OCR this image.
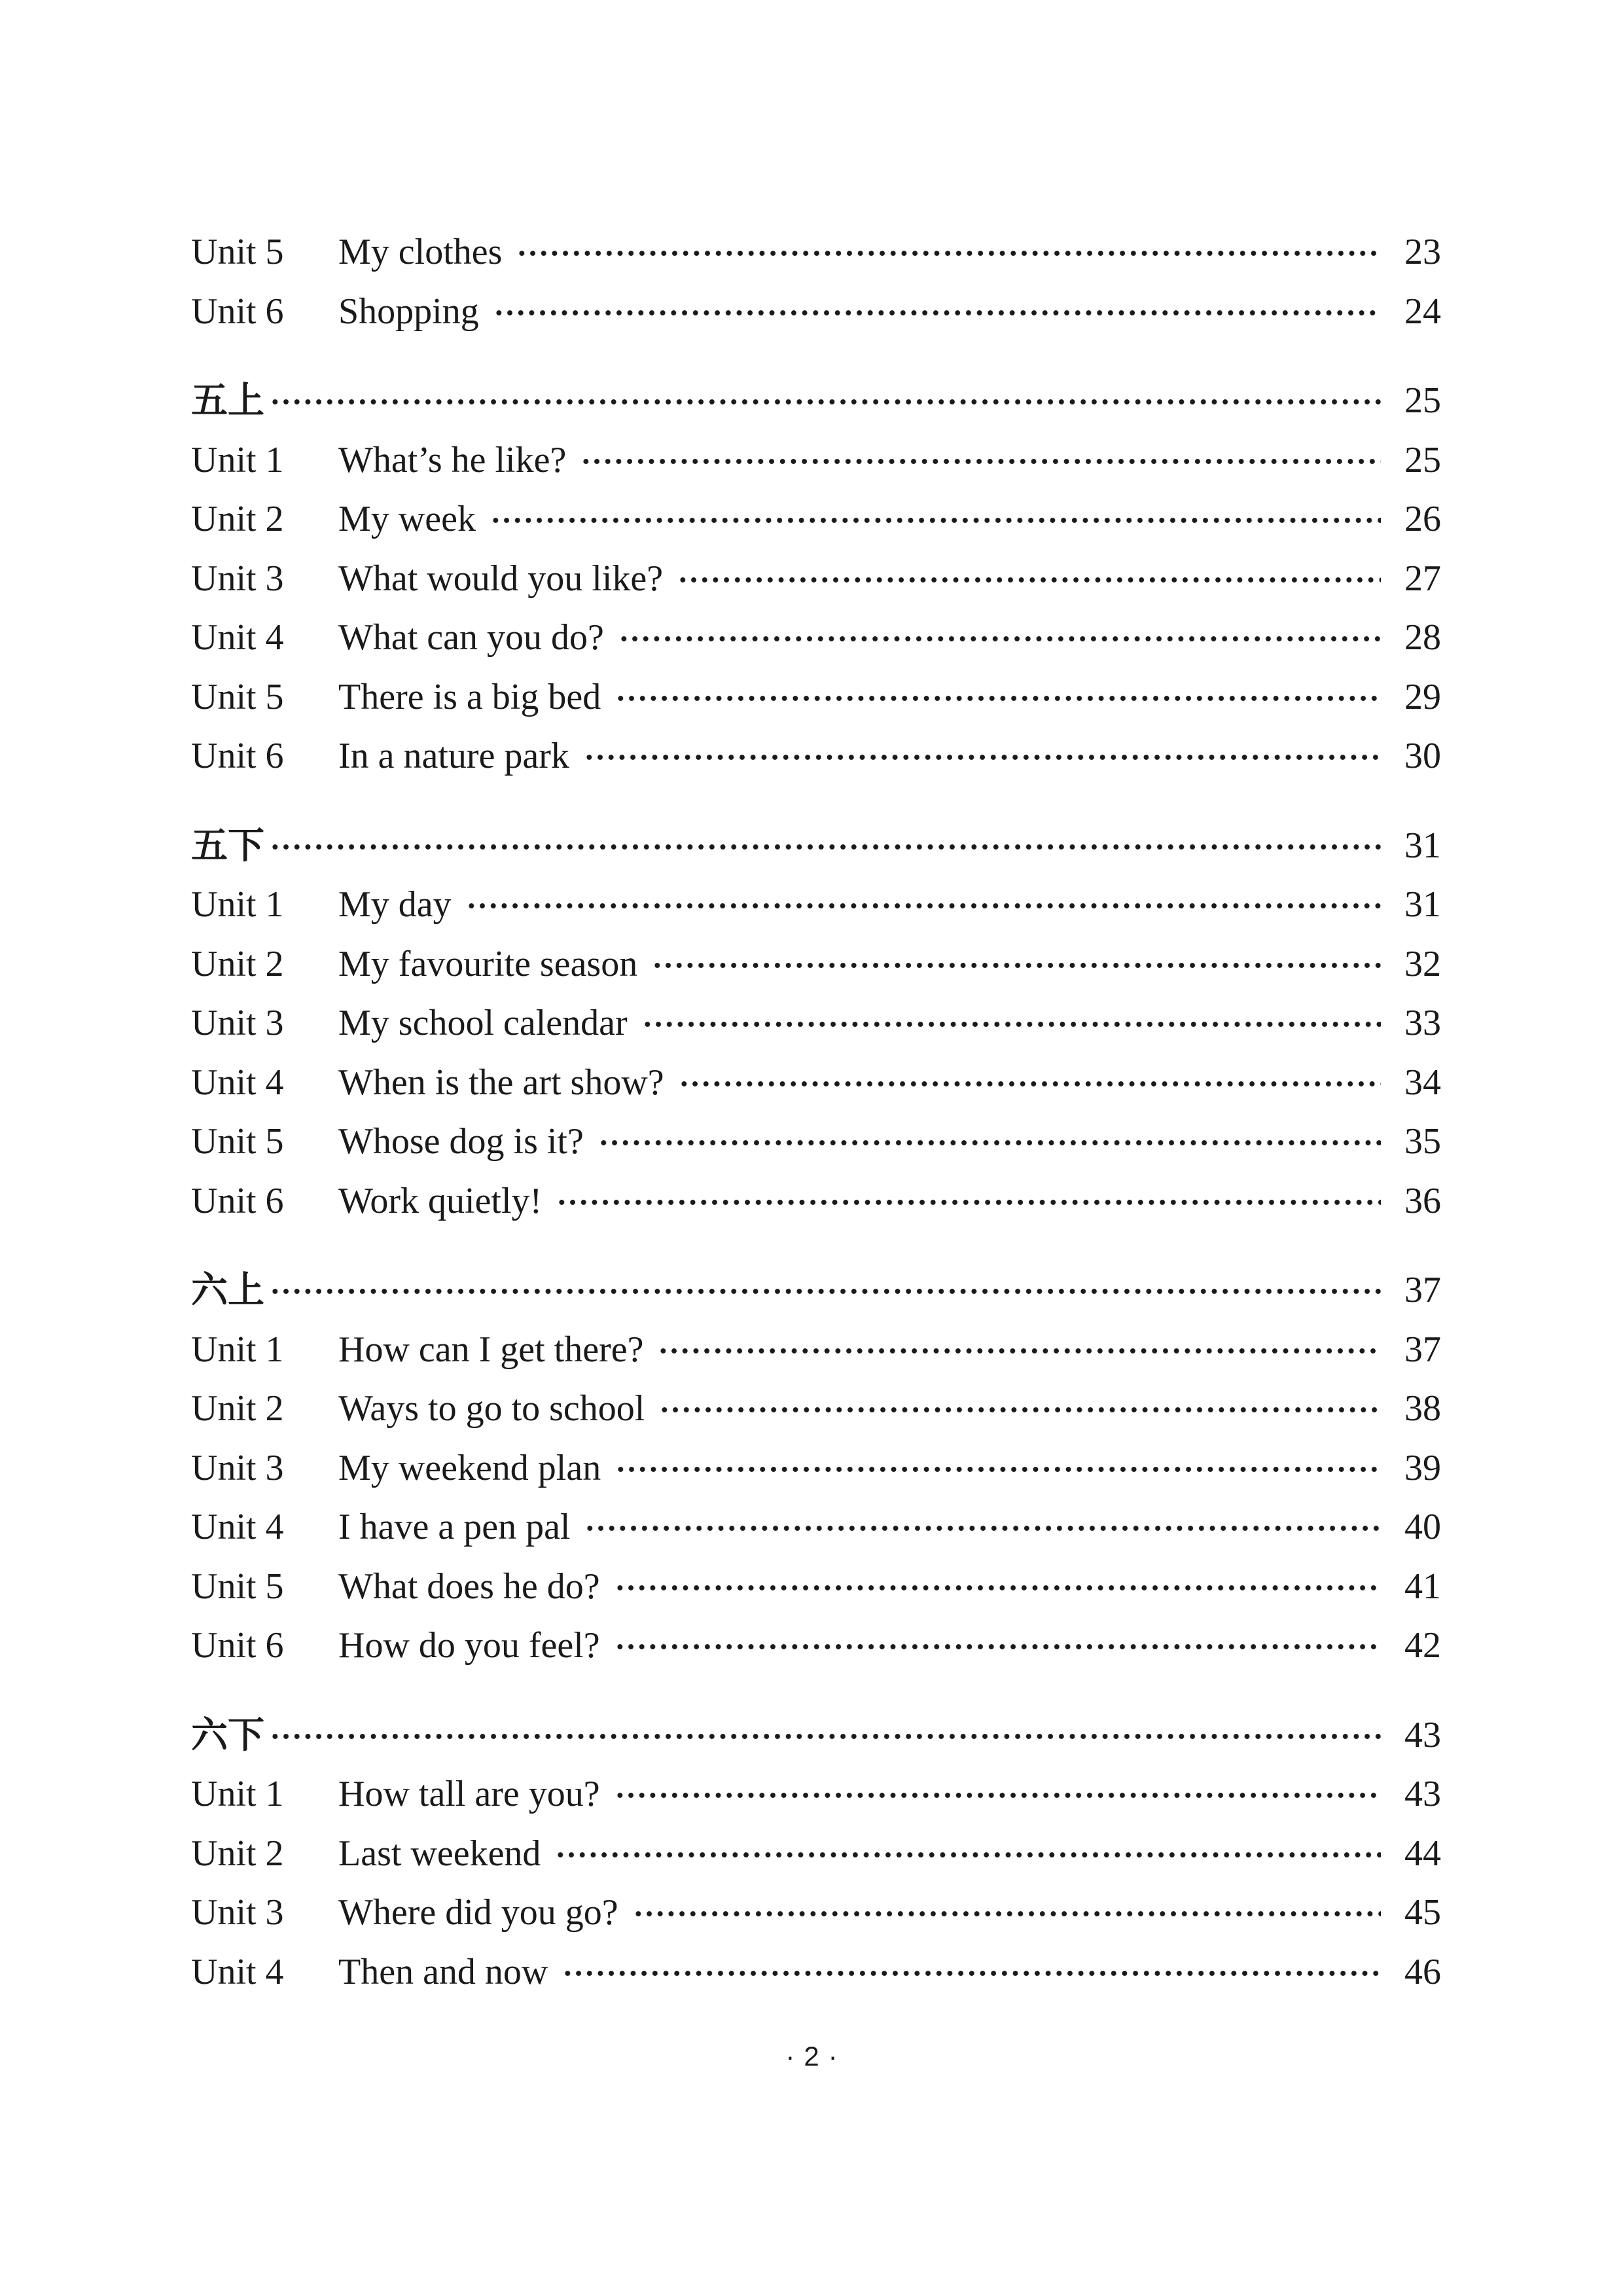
Unit 5	My clothes	23
Unit 6	Shopping	24
五上	25
Unit 1	What’s he like?	25
Unit 2	My week	26
Unit 3	What would you like?	27
Unit 4	What can you do?	28
Unit 5	There is a big bed	29
Unit 6	In a nature park	30
五下	31
Unit 1	My day	31
Unit 2	My favourite season	32
Unit 3	My school calendar	33
Unit 4	When is the art show?	34
Unit 5	Whose dog is it?	35
Unit 6	Work quietly!	36
六上	37
Unit 1	How can I get there?	37
Unit 2	Ways to go to school	38
Unit 3	My weekend plan	39
Unit 4	I have a pen pal	40
Unit 5	What does he do?	41
Unit 6	How do you feel?	42
六下	43
Unit 1	How tall are you?	43
Unit 2	Last weekend	44
Unit 3	Where did you go?	45
Unit 4	Then and now	46
· 2 ·
